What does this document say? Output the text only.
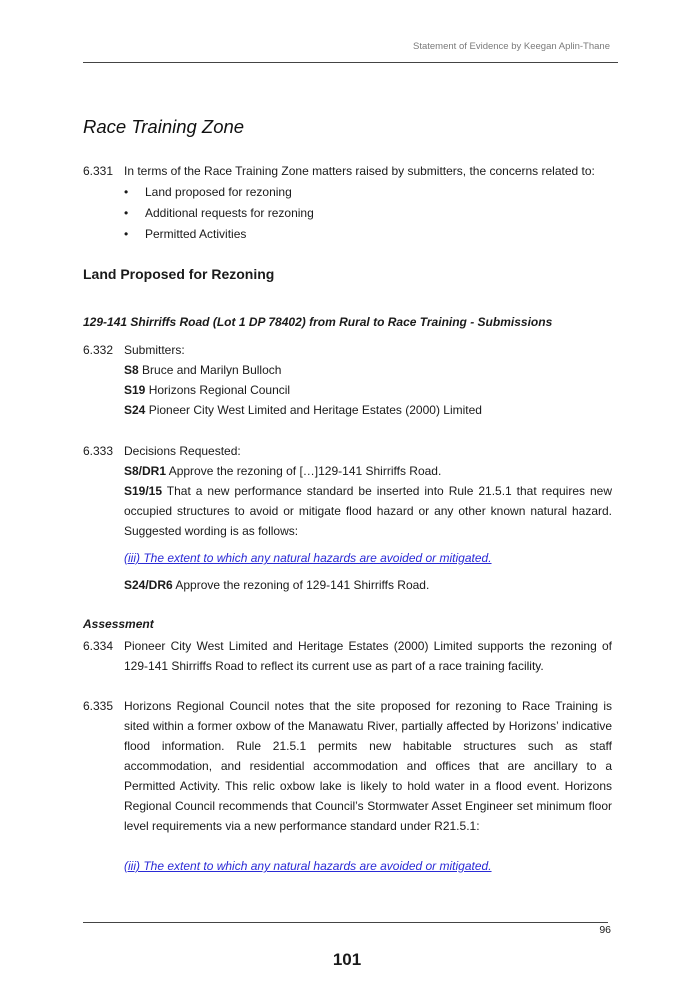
Statement of Evidence by Keegan Aplin-Thane
Race Training Zone
6.331 In terms of the Race Training Zone matters raised by submitters, the concerns related to:
• Land proposed for rezoning
• Additional requests for rezoning
• Permitted Activities
Land Proposed for Rezoning
129-141 Shirriffs Road (Lot 1 DP 78402) from Rural to Race Training - Submissions
6.332 Submitters:
S8 Bruce and Marilyn Bulloch
S19 Horizons Regional Council
S24 Pioneer City West Limited and Heritage Estates (2000) Limited
6.333 Decisions Requested:
S8/DR1 Approve the rezoning of […]129-141 Shirriffs Road.
S19/15 That a new performance standard be inserted into Rule 21.5.1 that requires new occupied structures to avoid or mitigate flood hazard or any other known natural hazard. Suggested wording is as follows:
(iii) The extent to which any natural hazards are avoided or mitigated.
S24/DR6 Approve the rezoning of 129-141 Shirriffs Road.
Assessment
6.334 Pioneer City West Limited and Heritage Estates (2000) Limited supports the rezoning of 129-141 Shirriffs Road to reflect its current use as part of a race training facility.
6.335 Horizons Regional Council notes that the site proposed for rezoning to Race Training is sited within a former oxbow of the Manawatu River, partially affected by Horizons’ indicative flood information. Rule 21.5.1 permits new habitable structures such as staff accommodation, and residential accommodation and offices that are ancillary to a Permitted Activity. This relic oxbow lake is likely to hold water in a flood event. Horizons Regional Council recommends that Council’s Stormwater Asset Engineer set minimum floor level requirements via a new performance standard under R21.5.1:
(iii) The extent to which any natural hazards are avoided or mitigated.
96
101
